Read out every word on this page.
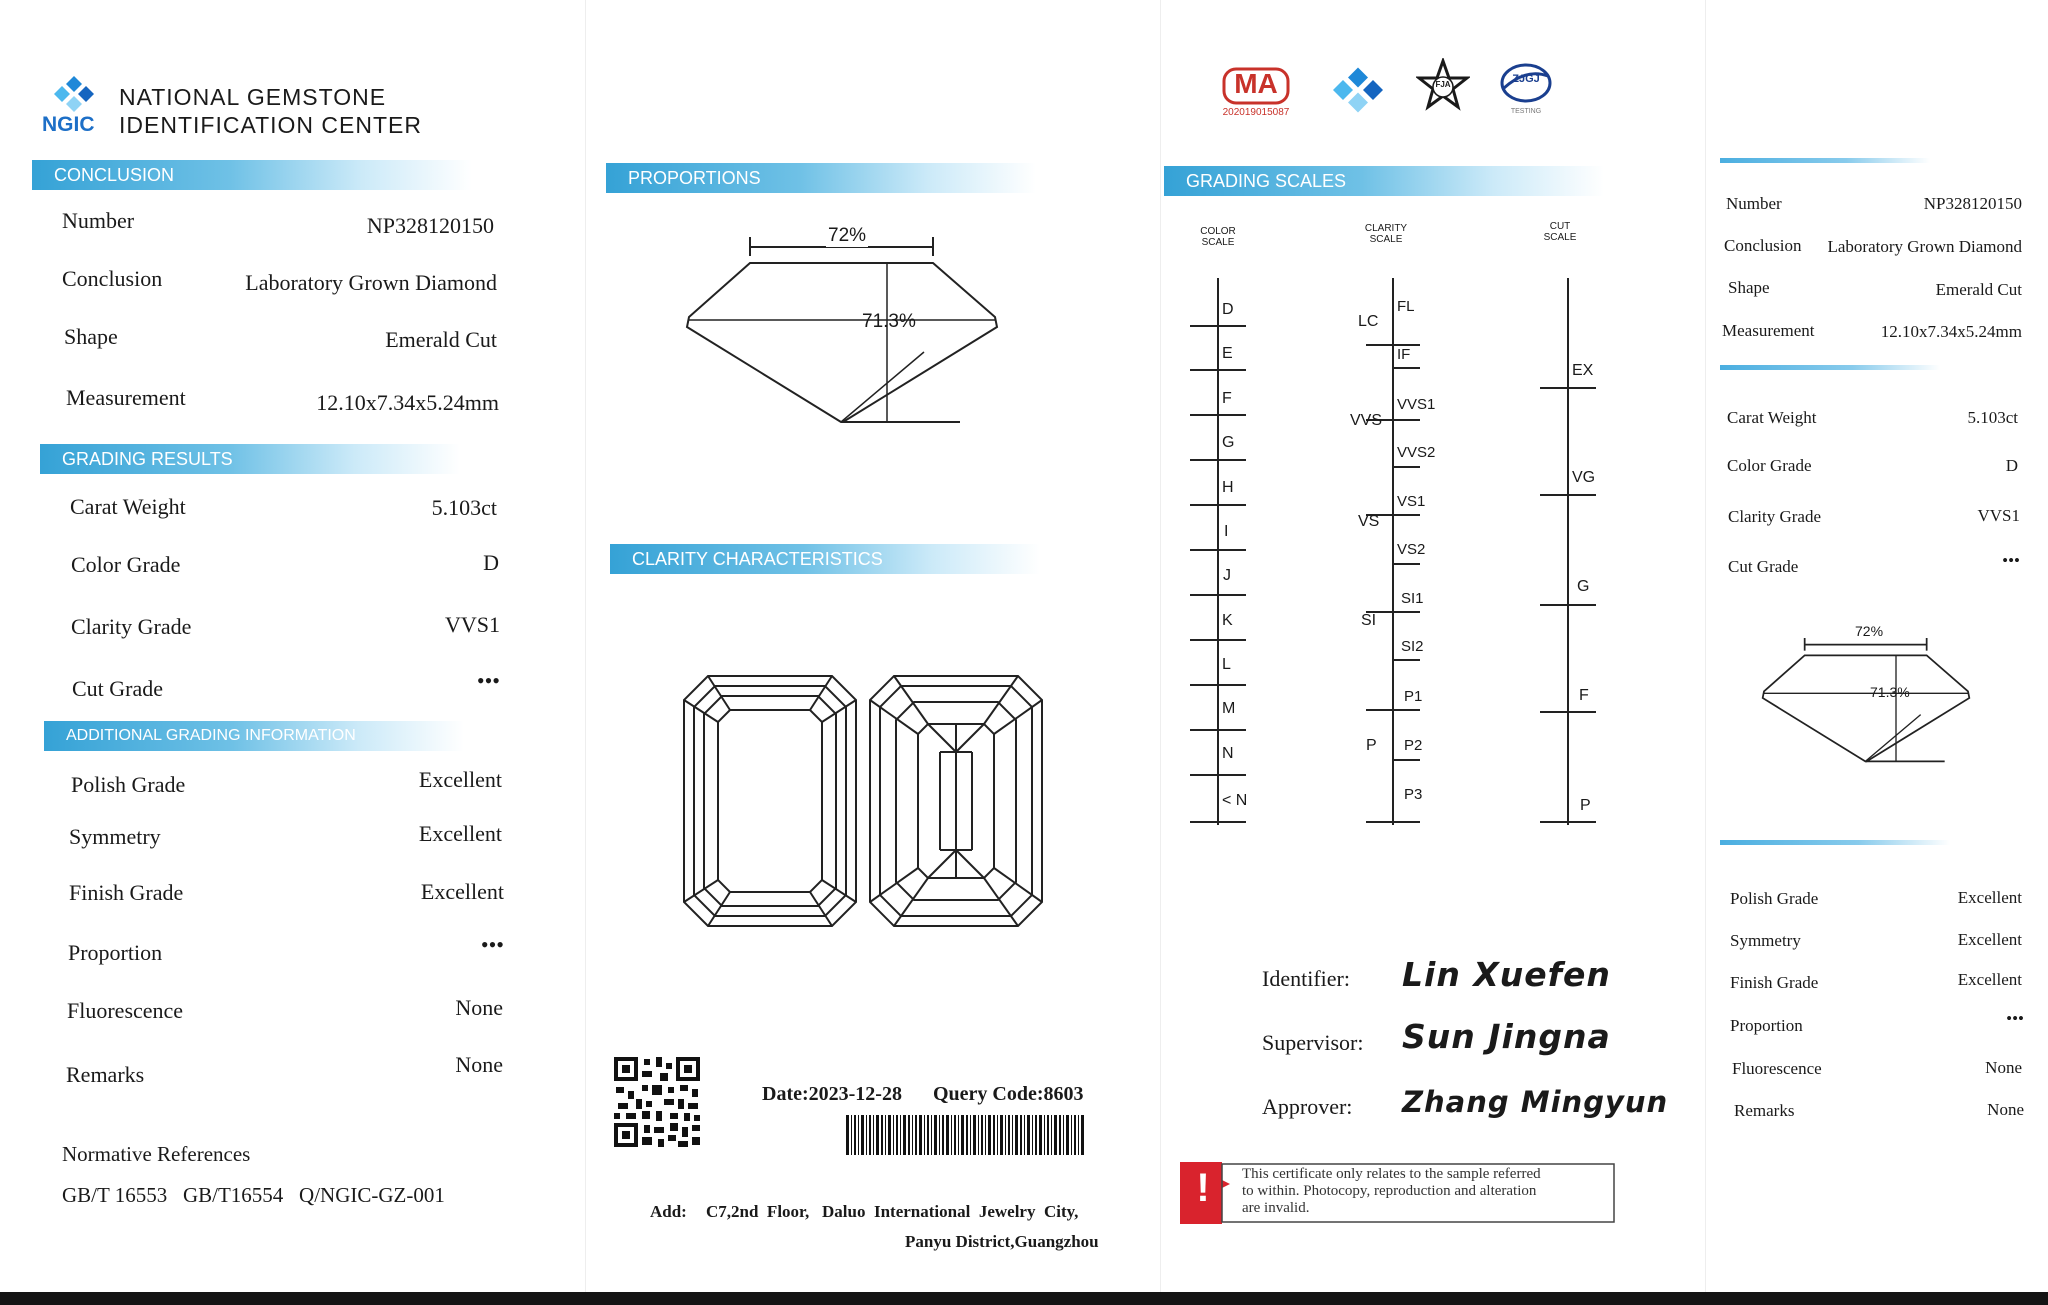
NGIC
NATIONAL GEMSTONE
IDENTIFICATION CENTER
CONCLUSION
Number	NP328120150
Conclusion	Laboratory Grown Diamond
Shape	Emerald Cut
Measurement	12.10x7.34x5.24mm
GRADING RESULTS
Carat Weight	5.103ct
Color Grade	D
Clarity Grade	VVS1
Cut Grade	•••
ADDITIONAL GRADING INFORMATION
Polish Grade	Excellent
Symmetry	Excellent
Finish Grade	Excellent
Proportion	•••
Fluorescence	None
Remarks	None
Normative References
GB/T 16553   GB/T16554   Q/NGIC-GZ-001
PROPORTIONS
72%
71.3%
CLARITY CHARACTERISTICS
Date:2023-12-28 Query Code:8603
Add: C7,2nd  Floor,   Daluo  International  Jewelry  City,
Panyu District,Guangzhou
MA
202019015087
FJA	ZJGJ
TESTING
GRADING SCALES
COLOR
SCALE
CLARITY
SCALE
CUT
SCALE
D
E
F
G
H
I
J
K
L
M
N
< N
LC
VVS
VS
SI
P
FL
IF
VVS1
VVS2
VS1
VS2
SI1
SI2
P1
P2
P3
EX
VG
G
F
P
Identifier: Lin Xuefen
Supervisor: Sun Jingna
Approver: Zhang Mingyun
!	This certificate only relates to the sample referred
to within. Photocopy, reproduction and alteration
are invalid.
Number	NP328120150
Conclusion	Laboratory Grown Diamond
Shape	Emerald Cut
Measurement	12.10x7.34x5.24mm
Carat Weight	5.103ct
Color Grade	D
Clarity Grade	VVS1
Cut Grade	•••
72%
71.3%
Polish Grade	Excellent
Symmetry	Excellent
Finish Grade	Excellent
Proportion	•••
Fluorescence	None
Remarks	None
